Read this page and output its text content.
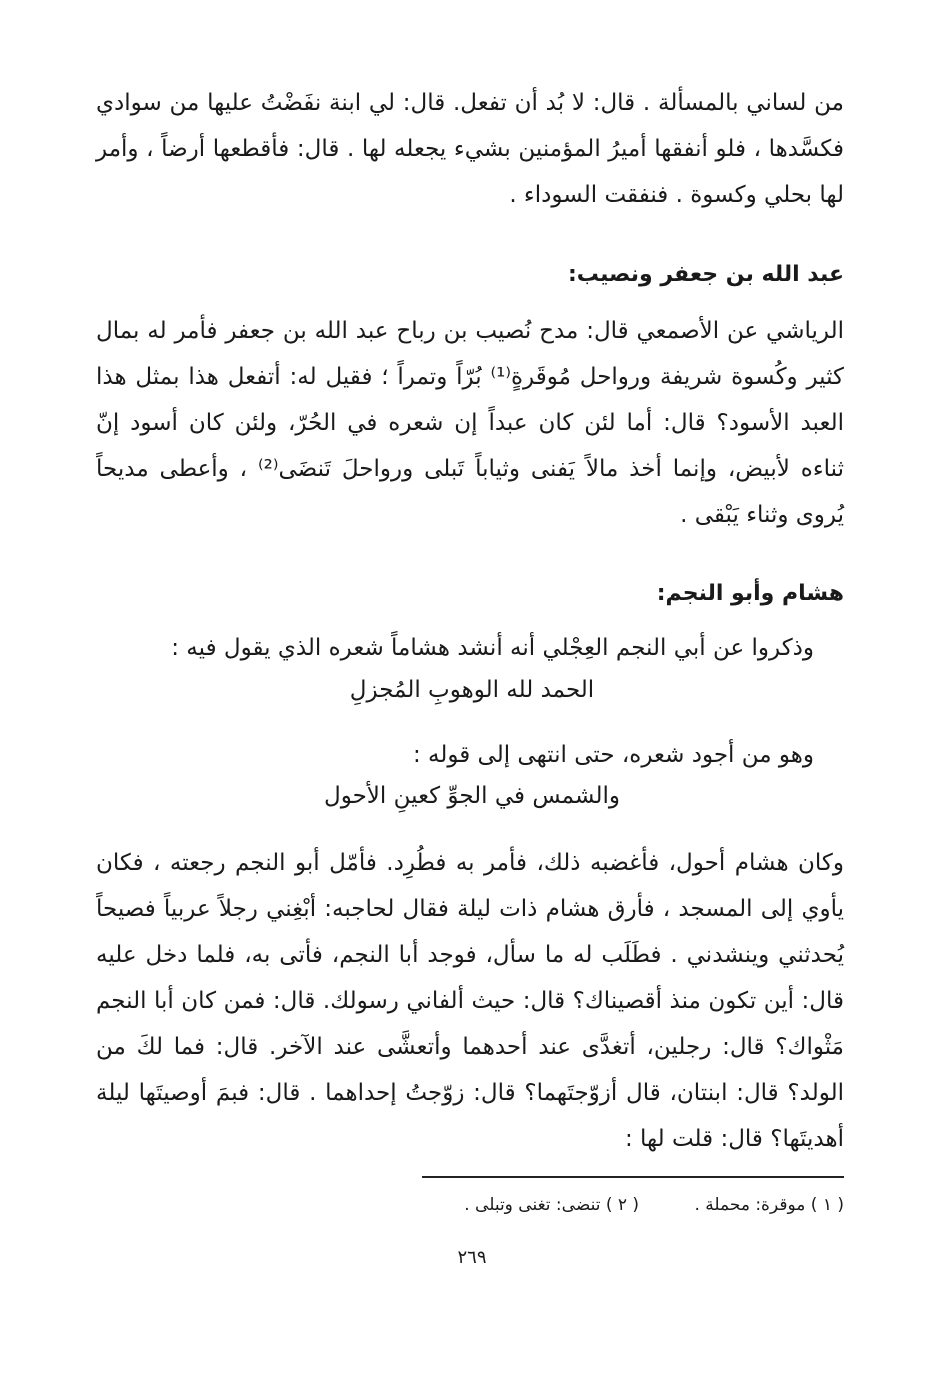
من لساني بالمسألة . قال: لا بُد أن تفعل. قال: لي ابنة نفَضْتُ عليها من سوادي فكسَّدها ، فلو أنفقها أميرُ المؤمنين بشيء يجعله لها . قال: فأقطعها أرضاً ، وأمر لها بحلي وكسوة . فنفقت السوداء .
عبد الله بن جعفر ونصيب:
الرياشي عن الأصمعي قال: مدح نُصيب بن رباح عبد الله بن جعفر فأمر له بمال كثير وكُسوة شريفة ورواحل مُوقَرةٍ⁽¹⁾ بُرّاً وتمراً ؛ فقيل له: أتفعل هذا بمثل هذا العبد الأسود؟ قال: أما لئن كان عبداً إن شعره في الحُرّ، ولئن كان أسود إنّ ثناءه لأبيض، وإنما أخذ مالاً يَفنى وثياباً تَبلى ورواحلَ تَنضَى⁽²⁾ ، وأعطى مديحاً يُروى وثناء يَبْقى .
هشام وأبو النجم:
وذكروا عن أبي النجم العِجْلي أنه أنشد هشاماً شعره الذي يقول فيه :
الحمد لله الوهوبِ المُجزلِ
وهو من أجود شعره، حتى انتهى إلى قوله :
والشمس في الجوِّ كعينِ الأحول
وكان هشام أحول، فأغضبه ذلك، فأمر به فطُرِد. فأمّل أبو النجم رجعته ، فكان يأوي إلى المسجد ، فأرق هشام ذات ليلة فقال لحاجبه: أبْغِني رجلاً عربياً فصيحاً يُحدثني وينشدني . فطَلَب له ما سأل، فوجد أبا النجم، فأتى به، فلما دخل عليه قال: أين تكون منذ أقصيناك؟ قال: حيث ألفاني رسولك. قال: فمن كان أبا النجم مَثْواك؟ قال: رجلين، أتغدَّى عند أحدهما وأتعشَّى عند الآخر. قال: فما لكَ من الولد؟ قال: ابنتان، قال أزوّجتَهما؟ قال: زوّجتُ إحداهما . قال: فبمَ أوصيتَها ليلة أهديتَها؟ قال: قلت لها :
( ١ ) موقرة: محملة . ( ٢ ) تنضى: تغنى وتبلى .
٢٦٩
